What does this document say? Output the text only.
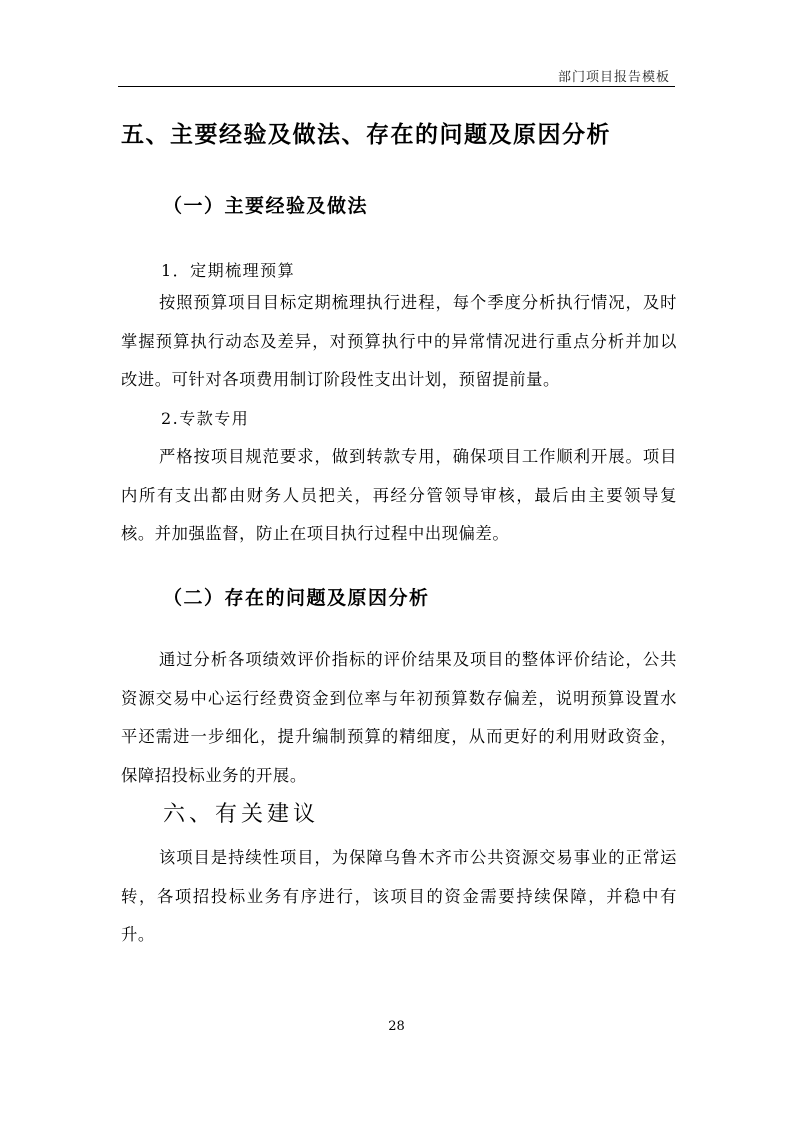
部门项目报告模板
五、主要经验及做法、存在的问题及原因分析
（一）主要经验及做法
1．定期梳理预算

按照预算项目目标定期梳理执行进程，每个季度分析执行情况，及时掌握预算执行动态及差异，对预算执行中的异常情况进行重点分析并加以改进。可针对各项费用制订阶段性支出计划，预留提前量。

2.专款专用

严格按项目规范要求，做到转款专用，确保项目工作顺利开展。项目内所有支出都由财务人员把关，再经分管领导审核，最后由主要领导复核。并加强监督，防止在项目执行过程中出现偏差。

（二）存在的问题及原因分析

通过分析各项绩效评价指标的评价结果及项目的整体评价结论，公共资源交易中心运行经费资金到位率与年初预算数存偏差，说明预算设置水平还需进一步细化，提升编制预算的精细度，从而更好的利用财政资金，保障招投标业务的开展。

六、有关建议

该项目是持续性项目，为保障乌鲁木齐市公共资源交易事业的正常运转，各项招投标业务有序进行，该项目的资金需要持续保障，并稳中有升。

28
